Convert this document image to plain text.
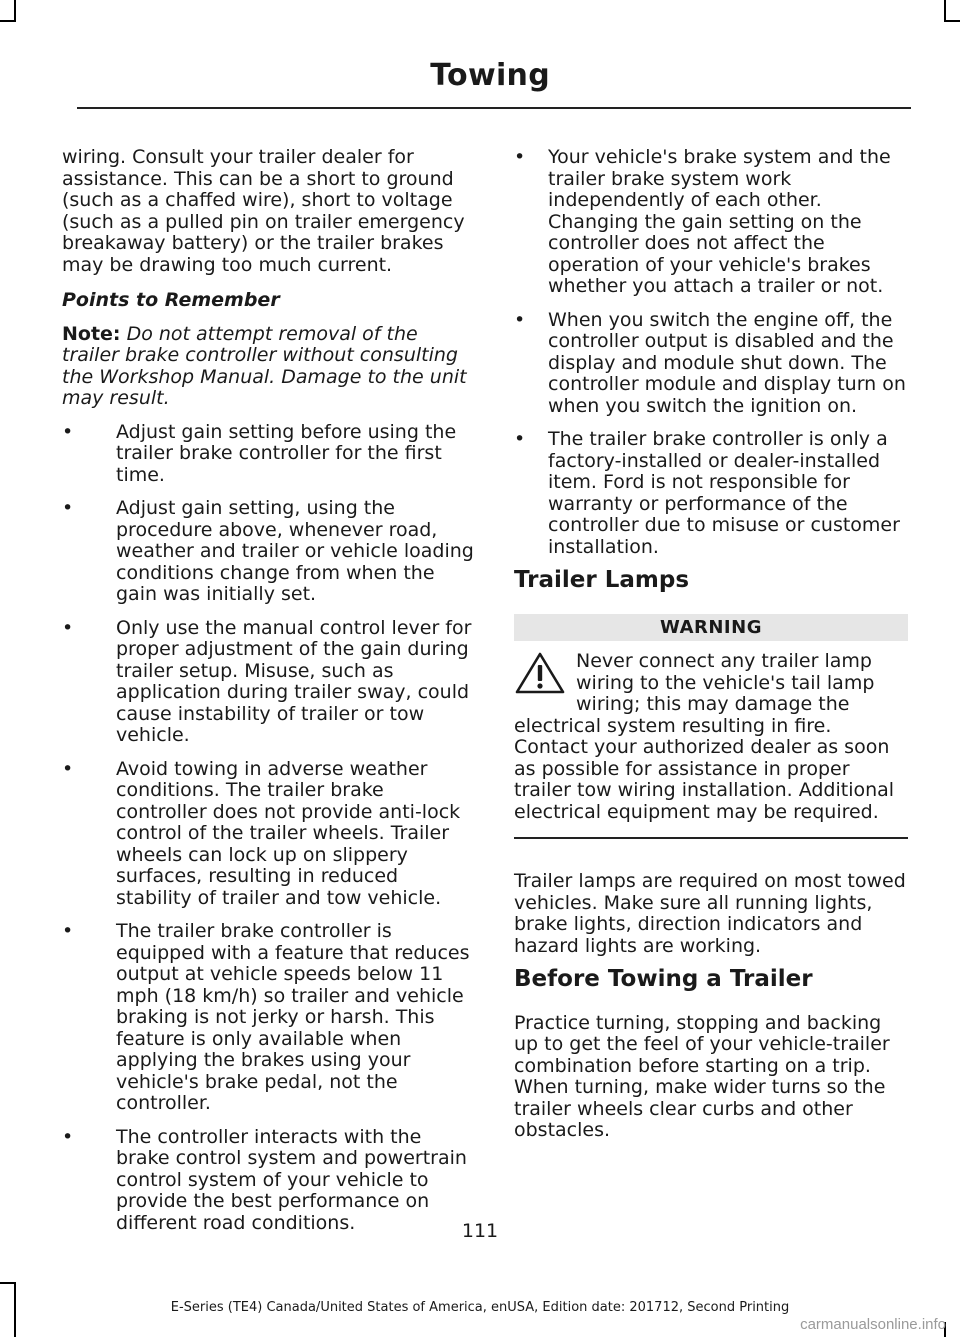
Towing

wiring. Consult your trailer dealer for assistance. This can be a short to ground (such as a chaffed wire), short to voltage (such as a pulled pin on trailer emergency breakaway battery) or the trailer brakes may be drawing too much current.

Points to Remember

Note: Do not attempt removal of the trailer brake controller without consulting the Workshop Manual. Damage to the unit may result.

• Adjust gain setting before using the trailer brake controller for the first time.
• Adjust gain setting, using the procedure above, whenever road, weather and trailer or vehicle loading conditions change from when the gain was initially set.
• Only use the manual control lever for proper adjustment of the gain during trailer setup. Misuse, such as application during trailer sway, could cause instability of trailer or tow vehicle.
• Avoid towing in adverse weather conditions. The trailer brake controller does not provide anti-lock control of the trailer wheels. Trailer wheels can lock up on slippery surfaces, resulting in reduced stability of trailer and tow vehicle.
• The trailer brake controller is equipped with a feature that reduces output at vehicle speeds below 11 mph (18 km/h) so trailer and vehicle braking is not jerky or harsh. This feature is only available when applying the brakes using your vehicle's brake pedal, not the controller.
• The controller interacts with the brake control system and powertrain control system of your vehicle to provide the best performance on different road conditions.
• Your vehicle's brake system and the trailer brake system work independently of each other. Changing the gain setting on the controller does not affect the operation of your vehicle's brakes whether you attach a trailer or not.
• When you switch the engine off, the controller output is disabled and the display and module shut down. The controller module and display turn on when you switch the ignition on.
• The trailer brake controller is only a factory-installed or dealer-installed item. Ford is not responsible for warranty or performance of the controller due to misuse or customer installation.
Trailer Lamps
WARNING
Never connect any trailer lamp wiring to the vehicle's tail lamp wiring; this may damage the electrical system resulting in fire. Contact your authorized dealer as soon as possible for assistance in proper trailer tow wiring installation. Additional electrical equipment may be required.

Trailer lamps are required on most towed vehicles. Make sure all running lights, brake lights, direction indicators and hazard lights are working.

Before Towing a Trailer

Practice turning, stopping and backing up to get the feel of your vehicle-trailer combination before starting on a trip. When turning, make wider turns so the trailer wheels clear curbs and other obstacles.

111
E-Series (TE4) Canada/United States of America, enUSA, Edition date: 201712, Second Printing
carmanualsonline.info
